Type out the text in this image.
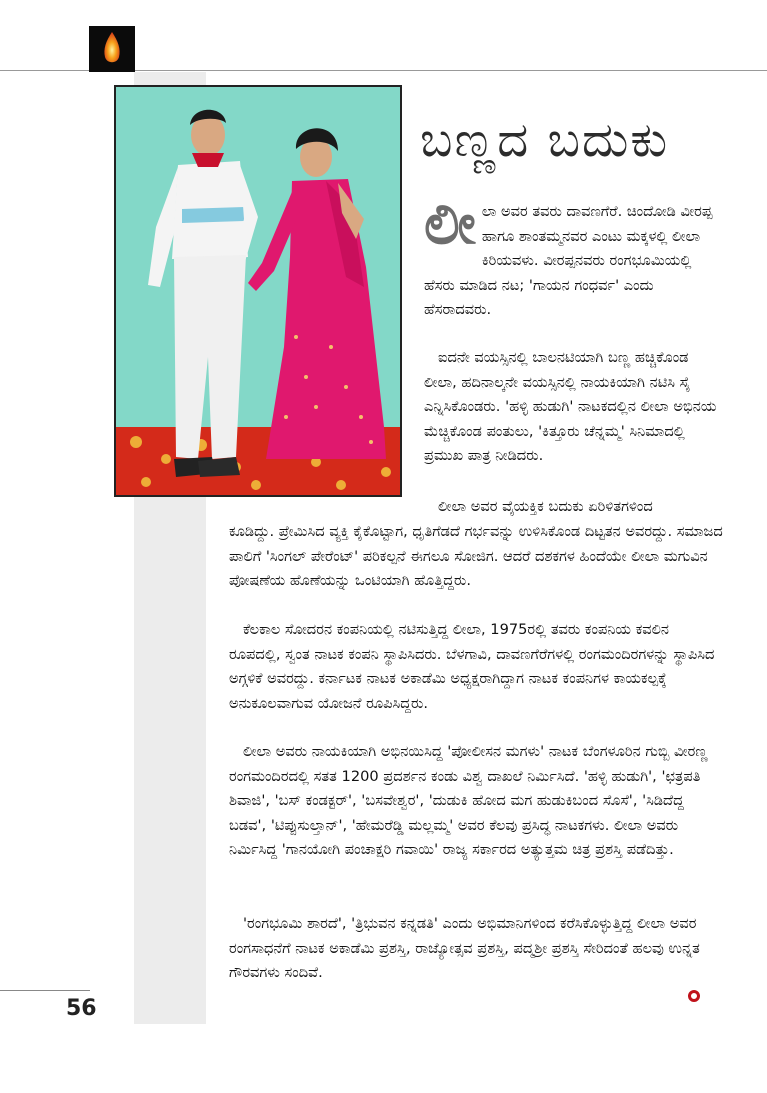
ಬಣ್ಣದ ಬದುಕು
ಲೀ ಲಾ ಅವರ ತವರು ದಾವಣಗೆರೆ. ಚಿಂದೋಡಿ ವೀರಪ್ಪ ಹಾಗೂ ಶಾಂತಮ್ಮನವರ ಎಂಟು ಮಕ್ಕಳಲ್ಲಿ ಲೀಲಾ ಕಿರಿಯವಳು. ವೀರಪ್ಪನವರು ರಂಗಭೂಮಿಯಲ್ಲಿ ಹೆಸರು ಮಾಡಿದ ನಟ; 'ಗಾಯನ ಗಂಧರ್ವ' ಎಂದು ಹೆಸರಾದವರು.

ಐದನೇ ವಯಸ್ಸಿನಲ್ಲಿ ಬಾಲನಟಿಯಾಗಿ ಬಣ್ಣ ಹಚ್ಚಿಕೊಂಡ ಲೀಲಾ, ಹದಿನಾಲ್ಕನೇ ವಯಸ್ಸಿನಲ್ಲಿ ನಾಯಕಿಯಾಗಿ ನಟಿಸಿ ಸೈ ಎನ್ನಿಸಿಕೊಂಡರು. 'ಹಳ್ಳಿ ಹುಡುಗಿ' ನಾಟಕದಲ್ಲಿನ ಲೀಲಾ ಅಭಿನಯ ಮೆಚ್ಚಿಕೊಂಡ ಪಂತುಲು, 'ಕಿತ್ತೂರು ಚೆನ್ನಮ್ಮ' ಸಿನಿಮಾದಲ್ಲಿ ಪ್ರಮುಖ ಪಾತ್ರ ನೀಡಿದರು.

ಲೀಲಾ ಅವರ ವೈಯಕ್ತಿಕ ಬದುಕು ಏರಿಳಿತಗಳಿಂದ

ಕೂಡಿದ್ದು. ಪ್ರೇಮಿಸಿದ ವ್ಯಕ್ತಿ ಕೈಕೊಟ್ಟಾಗ, ಧೃತಿಗೆಡದೆ ಗರ್ಭವನ್ನು ಉಳಿಸಿಕೊಂಡ ದಿಟ್ಟತನ ಅವರದ್ದು. ಸಮಾಜದ ಪಾಲಿಗೆ 'ಸಿಂಗಲ್ ಪೇರೆಂಟ್' ಪರಿಕಲ್ಪನೆ ಈಗಲೂ ಸೋಜಿಗ. ಆದರೆ ದಶಕಗಳ ಹಿಂದೆಯೇ ಲೀಲಾ ಮಗುವಿನ ಪೋಷಣೆಯ ಹೊಣೆಯನ್ನು ಒಂಟಿಯಾಗಿ ಹೊತ್ತಿದ್ದರು.

ಕೆಲಕಾಲ ಸೋದರನ ಕಂಪನಿಯಲ್ಲಿ ನಟಿಸುತ್ತಿದ್ದ ಲೀಲಾ, 1975ರಲ್ಲಿ ತವರು ಕಂಪನಿಯ ಕವಲಿನ ರೂಪದಲ್ಲಿ, ಸ್ವಂತ ನಾಟಕ ಕಂಪನಿ ಸ್ಥಾಪಿಸಿದರು. ಬೆಳಗಾವಿ, ದಾವಣಗೆರೆಗಳಲ್ಲಿ ರಂಗಮಂದಿರಗಳನ್ನು ಸ್ಥಾಪಿಸಿದ ಅಗ್ಗಳಿಕೆ ಅವರದ್ದು. ಕರ್ನಾಟಕ ನಾಟಕ ಅಕಾಡೆಮಿ ಅಧ್ಯಕ್ಷರಾಗಿದ್ದಾಗ ನಾಟಕ ಕಂಪನಿಗಳ ಕಾಯಕಲ್ಪಕ್ಕೆ ಅನುಕೂಲವಾಗುವ ಯೋಜನೆ ರೂಪಿಸಿದ್ದರು.

ಲೀಲಾ ಅವರು ನಾಯಕಿಯಾಗಿ ಅಭಿನಯಿಸಿದ್ದ 'ಪೋಲೀಸನ ಮಗಳು' ನಾಟಕ ಬೆಂಗಳೂರಿನ ಗುಬ್ಬಿ ವೀರಣ್ಣ ರಂಗಮಂದಿರದಲ್ಲಿ ಸತತ 1200 ಪ್ರದರ್ಶನ ಕಂಡು ವಿಶ್ವ ದಾಖಲೆ ನಿರ್ಮಿಸಿದೆ. 'ಹಳ್ಳಿ ಹುಡುಗಿ', 'ಛತ್ರಪತಿ ಶಿವಾಜಿ', 'ಬಸ್ ಕಂಡಕ್ಟರ್', 'ಬಸವೇಶ್ವರ', 'ದುಡುಕಿ ಹೋದ ಮಗ ಹುಡುಕಿಬಂದ ಸೊಸೆ', 'ಸಿಡಿದೆದ್ದ ಬಡವ', 'ಟಿಪ್ಪುಸುಲ್ತಾನ್', 'ಹೇಮರೆಡ್ಡಿ ಮಲ್ಲಮ್ಮ' ಅವರ ಕೆಲವು ಪ್ರಸಿದ್ಧ ನಾಟಕಗಳು. ಲೀಲಾ ಅವರು ನಿರ್ಮಿಸಿದ್ದ 'ಗಾನಯೋಗಿ ಪಂಚಾಕ್ಷರಿ ಗವಾಯಿ' ರಾಜ್ಯ ಸರ್ಕಾರದ ಅತ್ಯುತ್ತಮ ಚಿತ್ರ ಪ್ರಶಸ್ತಿ ಪಡೆದಿತ್ತು.

'ರಂಗಭೂಮಿ ಶಾರದೆ', 'ತ್ರಿಭುವನ ಕನ್ನಡತಿ' ಎಂದು ಅಭಿಮಾನಿಗಳಿಂದ ಕರೆಸಿಕೊಳ್ಳುತ್ತಿದ್ದ ಲೀಲಾ ಅವರ ರಂಗಸಾಧನೆಗೆ ನಾಟಕ ಅಕಾಡೆಮಿ ಪ್ರಶಸ್ತಿ, ರಾಜ್ಯೋತ್ಸವ ಪ್ರಶಸ್ತಿ, ಪದ್ಮಶ್ರೀ ಪ್ರಶಸ್ತಿ ಸೇರಿದಂತೆ ಹಲವು ಉನ್ನತ ಗೌರವಗಳು ಸಂದಿವೆ.

56
